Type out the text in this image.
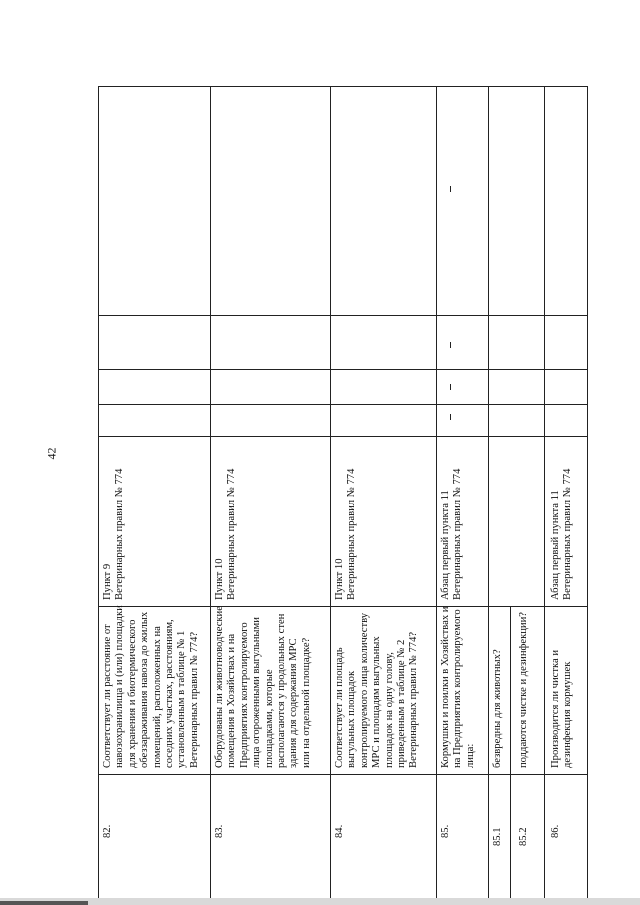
42
82.
Соответствует ли расстояние от
навозохранилища и (или) площадки
для хранения и биотермического
обеззараживания навоза до жилых
помещений, расположенных на
соседних участках, расстояниям,
установленным в таблице № 1
Ветеринарных правил № 774?
Пункт 9
Ветеринарных правил № 774
83.
Оборудованы ли животноводческие
помещения в Хозяйствах и на
Предприятиях контролируемого
лица огороженными выгульными
площадками, которые
располагаются у продольных стен
здания для содержания МРС
или на отдельной площадке?
Пункт 10
Ветеринарных правил № 774
84.
Соответствует ли площадь
выгульных площадок
контролируемого лица количеству
МРС и площадям выгульных
площадок на одну голову,
приведенным в таблице № 2
Ветеринарных правил № 774?
Пункт 10
Ветеринарных правил № 774
85.
Кормушки и поилки в Хозяйствах и
на Предприятиях контролируемого
лица:
Абзац первый пункта 11
Ветеринарных правил № 774
85.1
безвредны для животных?
85.2
поддаются чистке и дезинфекции?
86.
Производится ли чистка и
дезинфекция кормушек
Абзац первый пункта 11
Ветеринарных правил № 774
